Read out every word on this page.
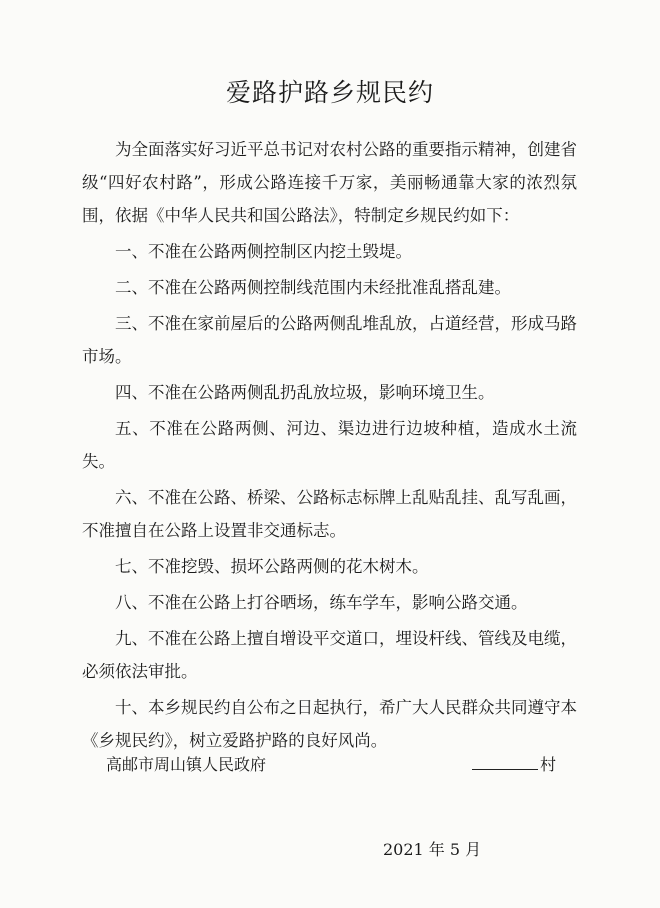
爱路护路乡规民约

为全面落实好习近平总书记对农村公路的重要指示精神，创建省级“四好农村路”，形成公路连接千万家，美丽畅通靠大家的浓烈氛围，依据《中华人民共和国公路法》，特制定乡规民约如下：

一、不准在公路两侧控制区内挖土毁堤。

二、不准在公路两侧控制线范围内未经批准乱搭乱建。

三、不准在家前屋后的公路两侧乱堆乱放，占道经营，形成马路市场。

四、不准在公路两侧乱扔乱放垃圾，影响环境卫生。

五、不准在公路两侧、河边、渠边进行边坡种植，造成水土流失。

六、不准在公路、桥梁、公路标志标牌上乱贴乱挂、乱写乱画，不准擅自在公路上设置非交通标志。

七、不准挖毁、损坏公路两侧的花木树木。

八、不准在公路上打谷晒场，练车学车，影响公路交通。

九、不准在公路上擅自增设平交道口，埋设杆线、管线及电缆，必须依法审批。

十、本乡规民约自公布之日起执行，希广大人民群众共同遵守本《乡规民约》，树立爱路护路的良好风尚。

高邮市周山镇人民政府	村
2021 年 5 月
